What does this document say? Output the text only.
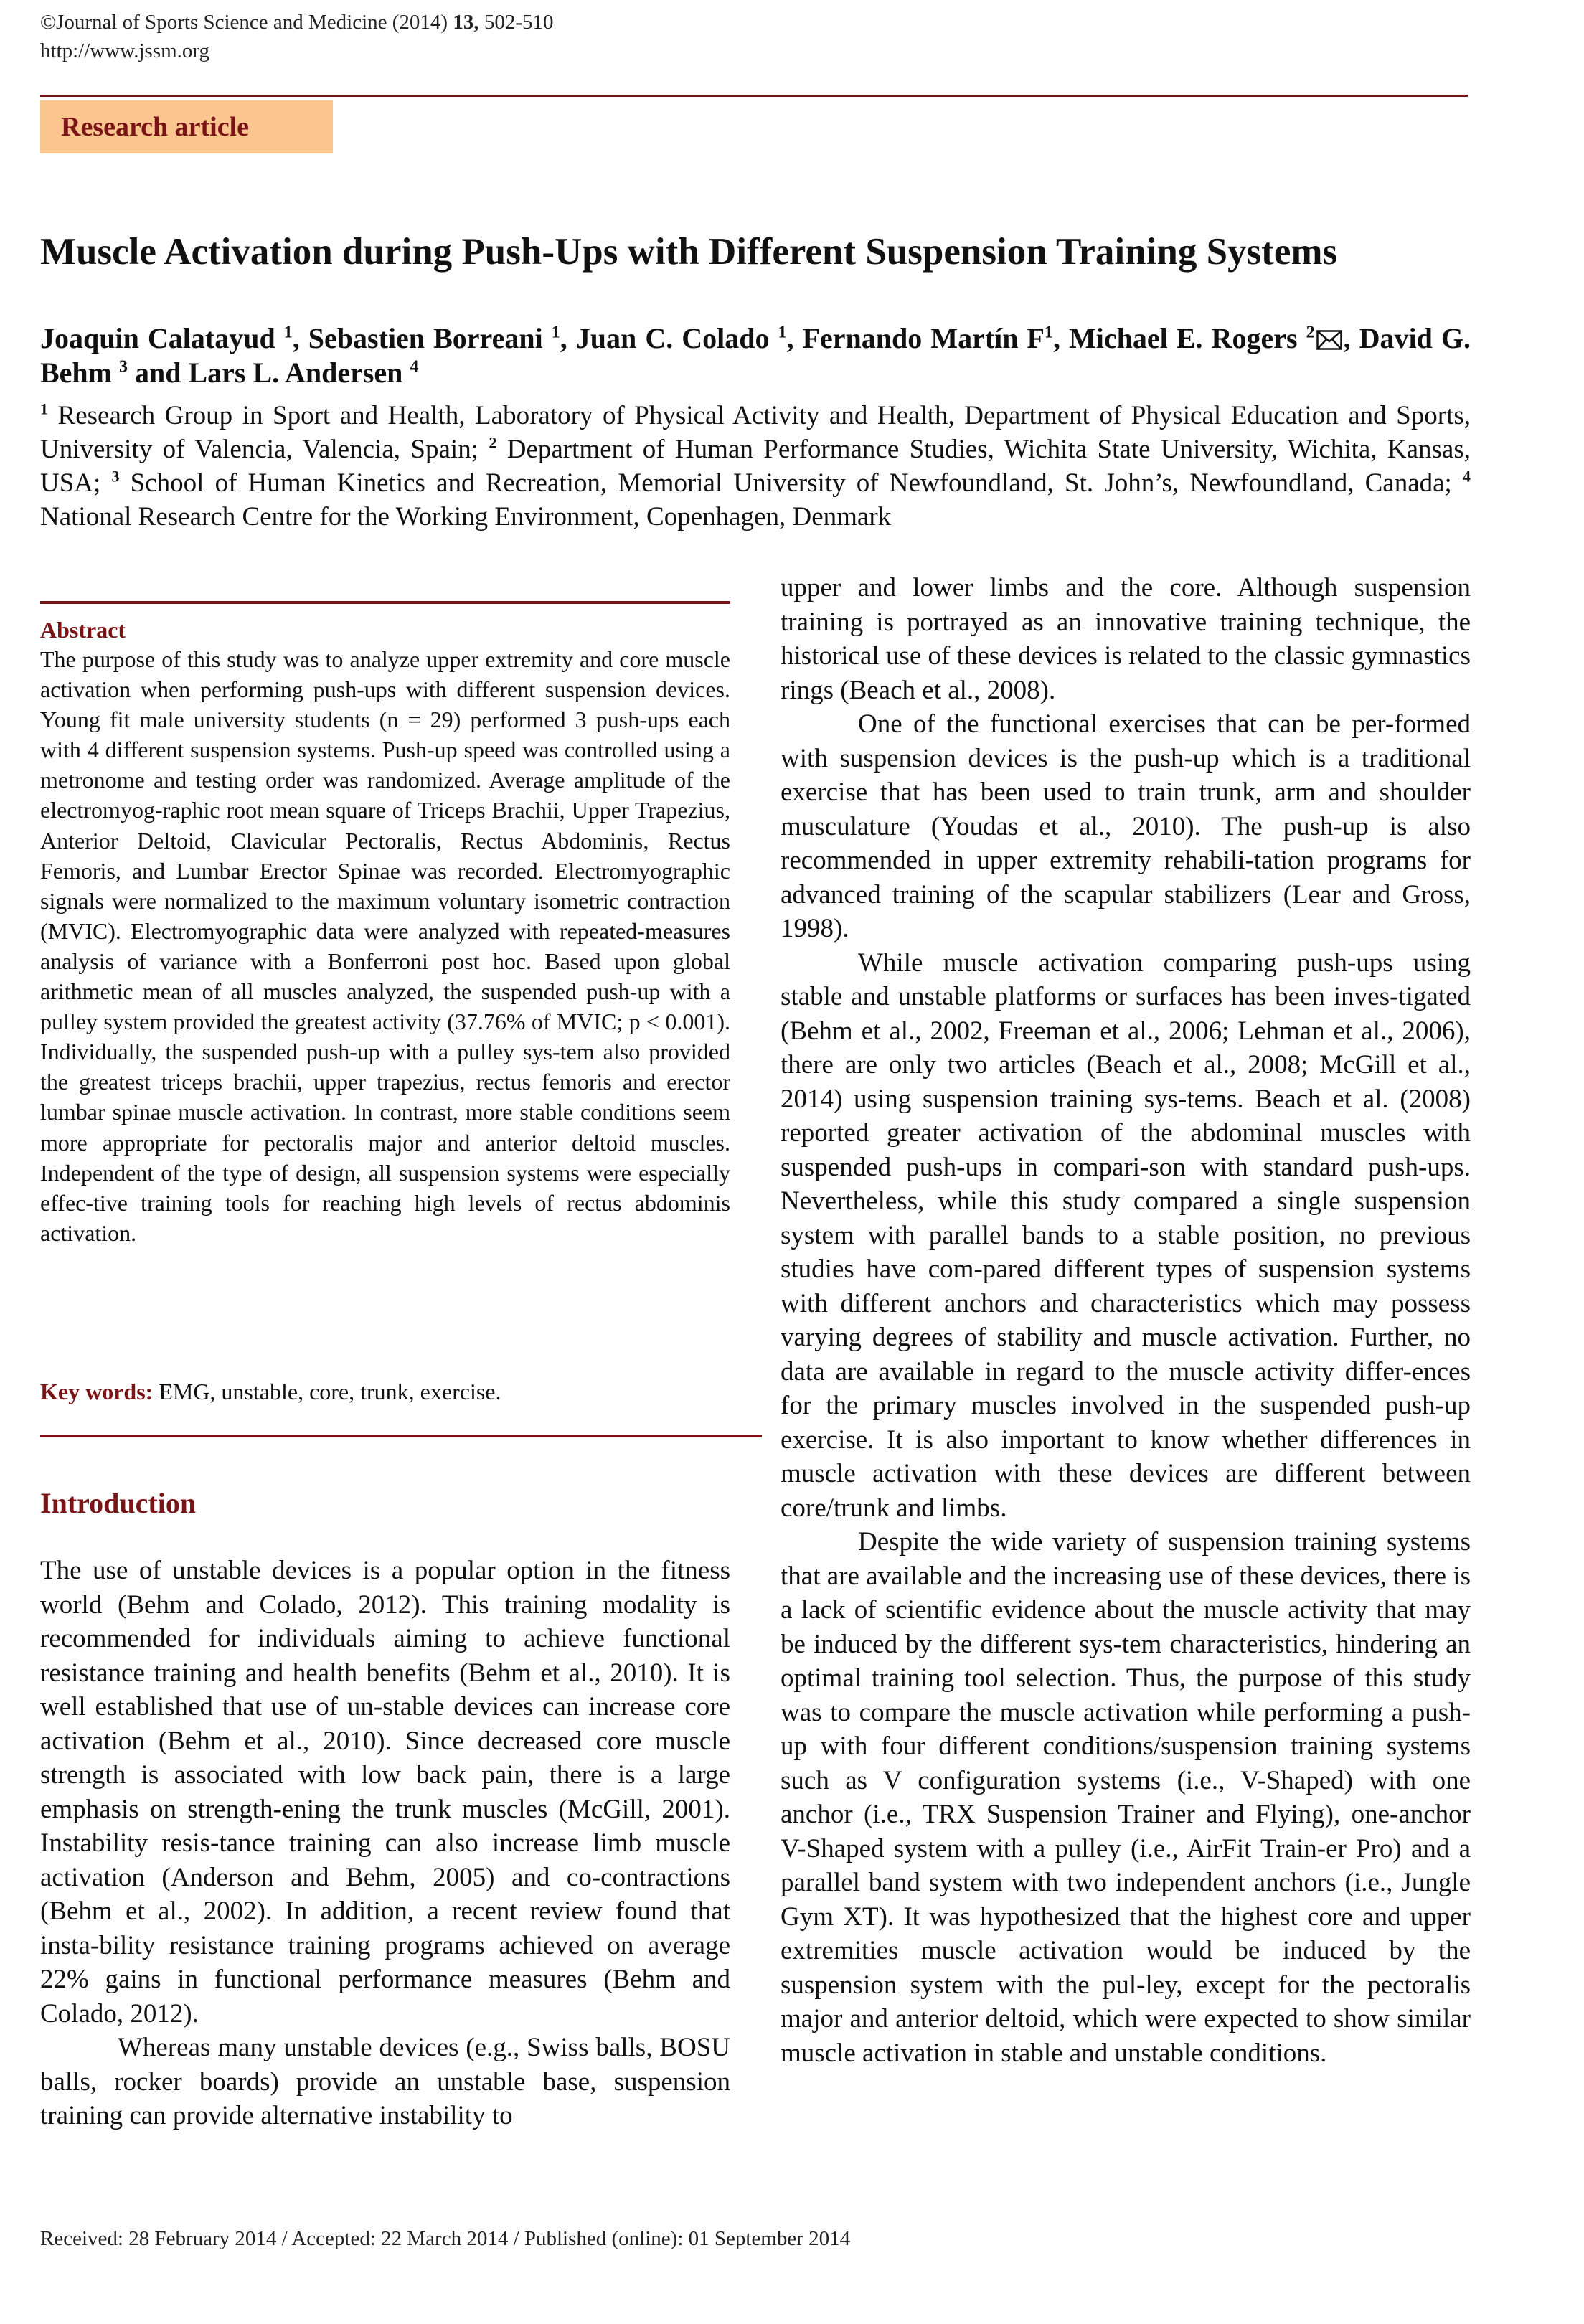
©Journal of Sports Science and Medicine (2014) 13, 502-510
http://www.jssm.org
Research article
Muscle Activation during Push-Ups with Different Suspension Training Systems
Joaquin Calatayud $^1$, Sebastien Borreani $^1$, Juan C. Colado $^1$, Fernando Martín $F^1$, Michael E. Rogers $^2$ , David G. Behm $^3$ and Lars L. Andersen $^4$
$^1$ Research Group in Sport and Health, Laboratory of Physical Activity and Health, Department of Physical Education and Sports, University of Valencia, Valencia, Spain; $^2$ Department of Human Performance Studies, Wichita State University, Wichita, Kansas, USA; $^3$ School of Human Kinetics and Recreation, Memorial University of Newfoundland, St. John’s, Newfoundland, Canada; $^4$ National Research Centre for the Working Environment, Copenhagen, Denmark
Abstract
The purpose of this study was to analyze upper extremity and core muscle activation when performing push-ups with different suspension devices. Young fit male university students (n = 29) performed 3 push-ups each with 4 different suspension systems. Push-up speed was controlled using a metronome and testing order was randomized. Average amplitude of the electromyog-raphic root mean square of Triceps Brachii, Upper Trapezius, Anterior Deltoid, Clavicular Pectoralis, Rectus Abdominis, Rectus Femoris, and Lumbar Erector Spinae was recorded. Electromyographic signals were normalized to the maximum voluntary isometric contraction (MVIC). Electromyographic data were analyzed with repeated-measures analysis of variance with a Bonferroni post hoc. Based upon global arithmetic mean of all muscles analyzed, the suspended push-up with a pulley system provided the greatest activity (37.76% of MVIC; p < 0.001). Individually, the suspended push-up with a pulley sys-tem also provided the greatest triceps brachii, upper trapezius, rectus femoris and erector lumbar spinae muscle activation. In contrast, more stable conditions seem more appropriate for pectoralis major and anterior deltoid muscles. Independent of the type of design, all suspension systems were especially effec-tive training tools for reaching high levels of rectus abdominis activation.
Key words: EMG, unstable, core, trunk, exercise.
Introduction

The use of unstable devices is a popular option in the fitness world (Behm and Colado, 2012). This training modality is recommended for individuals aiming to achieve functional resistance training and health benefits (Behm et al., 2010). It is well established that use of un-stable devices can increase core activation (Behm et al., 2010). Since decreased core muscle strength is associated with low back pain, there is a large emphasis on strength-ening the trunk muscles (McGill, 2001). Instability resis-tance training can also increase limb muscle activation (Anderson and Behm, 2005) and co-contractions (Behm et al., 2002). In addition, a recent review found that insta-bility resistance training programs achieved on average 22% gains in functional performance measures (Behm and Colado, 2012).

Whereas many unstable devices (e.g., Swiss balls, BOSU balls, rocker boards) provide an unstable base, suspension training can provide alternative instability to

upper and lower limbs and the core. Although suspension training is portrayed as an innovative training technique, the historical use of these devices is related to the classic gymnastics rings (Beach et al., 2008).

One of the functional exercises that can be per-formed with suspension devices is the push-up which is a traditional exercise that has been used to train trunk, arm and shoulder musculature (Youdas et al., 2010). The push-up is also recommended in upper extremity rehabili-tation programs for advanced training of the scapular stabilizers (Lear and Gross, 1998).

While muscle activation comparing push-ups using stable and unstable platforms or surfaces has been inves-tigated (Behm et al., 2002, Freeman et al., 2006; Lehman et al., 2006), there are only two articles (Beach et al., 2008; McGill et al., 2014) using suspension training sys-tems. Beach et al. (2008) reported greater activation of the abdominal muscles with suspended push-ups in compari-son with standard push-ups. Nevertheless, while this study compared a single suspension system with parallel bands to a stable position, no previous studies have com-pared different types of suspension systems with different anchors and characteristics which may possess varying degrees of stability and muscle activation. Further, no data are available in regard to the muscle activity differ-ences for the primary muscles involved in the suspended push-up exercise. It is also important to know whether differences in muscle activation with these devices are different between core/trunk and limbs.

Despite the wide variety of suspension training systems that are available and the increasing use of these devices, there is a lack of scientific evidence about the muscle activity that may be induced by the different sys-tem characteristics, hindering an optimal training tool selection. Thus, the purpose of this study was to compare the muscle activation while performing a push-up with four different conditions/suspension training systems such as V configuration systems (i.e., V-Shaped) with one anchor (i.e., TRX Suspension Trainer and Flying), one-anchor V-Shaped system with a pulley (i.e., AirFit Train-er Pro) and a parallel band system with two independent anchors (i.e., Jungle Gym XT). It was hypothesized that the highest core and upper extremities muscle activation would be induced by the suspension system with the pul-ley, except for the pectoralis major and anterior deltoid, which were expected to show similar muscle activation in stable and unstable conditions.

Received: 28 February 2014 / Accepted: 22 March 2014 / Published (online): 01 September 2014
